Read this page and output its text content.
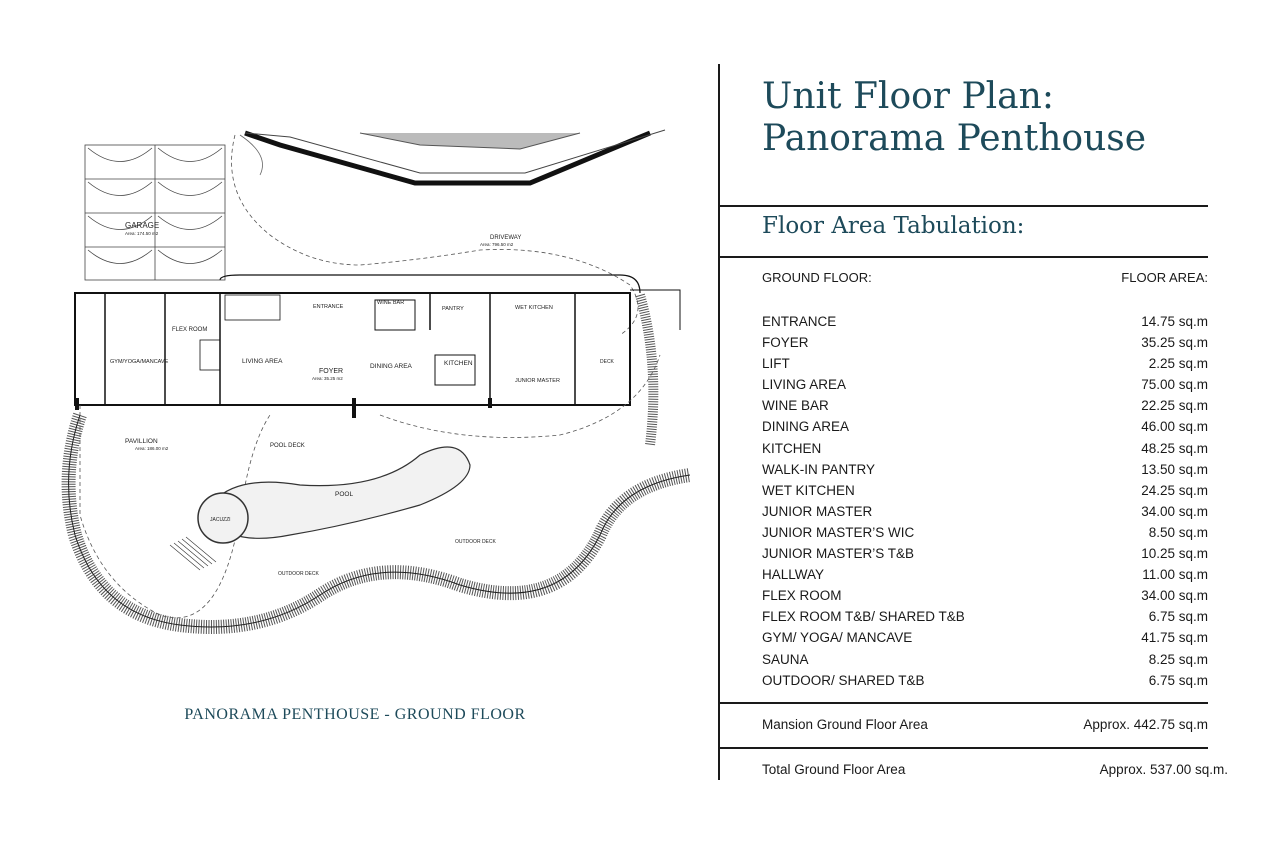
GARAGE
Area: 174.50 m2
DRIVEWAY
Area: 796.50 m2
GYM/YOGA/MANCAVE
FLEX ROOM
LIVING AREA
ENTRANCE
FOYER
Area: 35.25 m2
WINE BAR
DINING AREA
PANTRY
KITCHEN
WET KITCHEN
JUNIOR MASTER
DECK
PAVILLION
Area: 186.00 m2	POOL DECK
POOL
JACUZZI
OUTDOOR DECK
OUTDOOR DECK
PANORAMA PENTHOUSE - GROUND FLOOR
Unit Floor Plan:
Panorama Penthouse
Floor Area Tabulation:
GROUND FLOOR:	FLOOR AREA:
ENTRANCE	14.75 sq.m
FOYER	35.25 sq.m
LIFT	2.25 sq.m
LIVING AREA	75.00 sq.m
WINE BAR	22.25 sq.m
DINING AREA	46.00 sq.m
KITCHEN	48.25 sq.m
WALK-IN PANTRY	13.50 sq.m
WET KITCHEN	24.25 sq.m
JUNIOR MASTER	34.00 sq.m
JUNIOR MASTER’S WIC	8.50 sq.m
JUNIOR MASTER’S T&B	10.25 sq.m
HALLWAY	11.00 sq.m
FLEX ROOM	34.00 sq.m
FLEX ROOM T&B/ SHARED T&B	6.75 sq.m
GYM/ YOGA/ MANCAVE	41.75 sq.m
SAUNA	8.25 sq.m
OUTDOOR/ SHARED T&B	6.75 sq.m
Mansion Ground Floor Area	Approx. 442.75 sq.m
Total Ground Floor Area	Approx. 537.00 sq.m.
